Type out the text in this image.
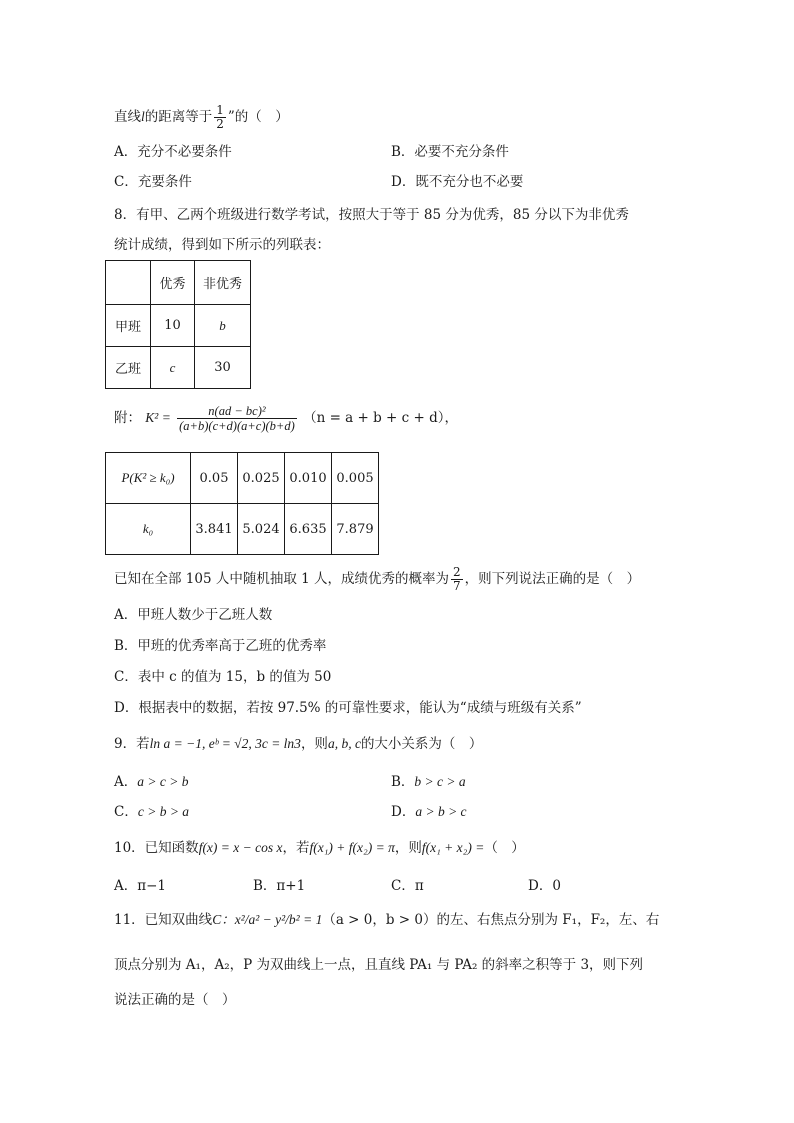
直线l的距离等于 $\frac{1}{2}$ ”的（　）
A．充分不必要条件	B．必要不充分条件
C．充要条件	D．既不充分也不必要
8．有甲、乙两个班级进行数学考试，按照大于等于 85 分为优秀，85 分以下为非优秀
统计成绩，得到如下所示的列联表：
	优秀	非优秀
甲班	10	b
乙班	c	30
附： $K^2 = \frac{\text{n(ad − bc)²}}{(a+b)(c+d)(a+c)(b+d)} (n = a + b + c + d)$，
P(K² ≥ k₀)	0.05	0.025	0.010	0.005
k₀	3.841	5.024	6.635	7.879
已知在全部 105 人中随机抽取 1 人，成绩优秀的概率为 $\frac{2}{7}$ ，则下列说法正确的是（　）
A．甲班人数少于乙班人数
B．甲班的优秀率高于乙班的优秀率
C．表中 c 的值为 15，b 的值为 50
D．根据表中的数据，若按 97.5% 的可靠性要求，能认为“成绩与班级有关系”
9．若ln a = −1, eᵇ = √2, 3c = ln3，则a, b, c的大小关系为（　）
A．a > c > b	B．b > c > a
C．c > b > a	D．a > b > c
10．已知函数f(x) = x − cos x，若f(x₁) + f(x₂) = π，则f(x₁ + x₂) =（　）
A．π−1	B．π+1	C．π	D．0
11．已知双曲线C：x²/a² − y²/b² = 1（a > 0，b > 0）的左、右焦点分别为 F₁，F₂，左、右
顶点分别为 A₁，A₂，P 为双曲线上一点，且直线 PA₁ 与 PA₂ 的斜率之积等于 3，则下列
说法正确的是（　）
